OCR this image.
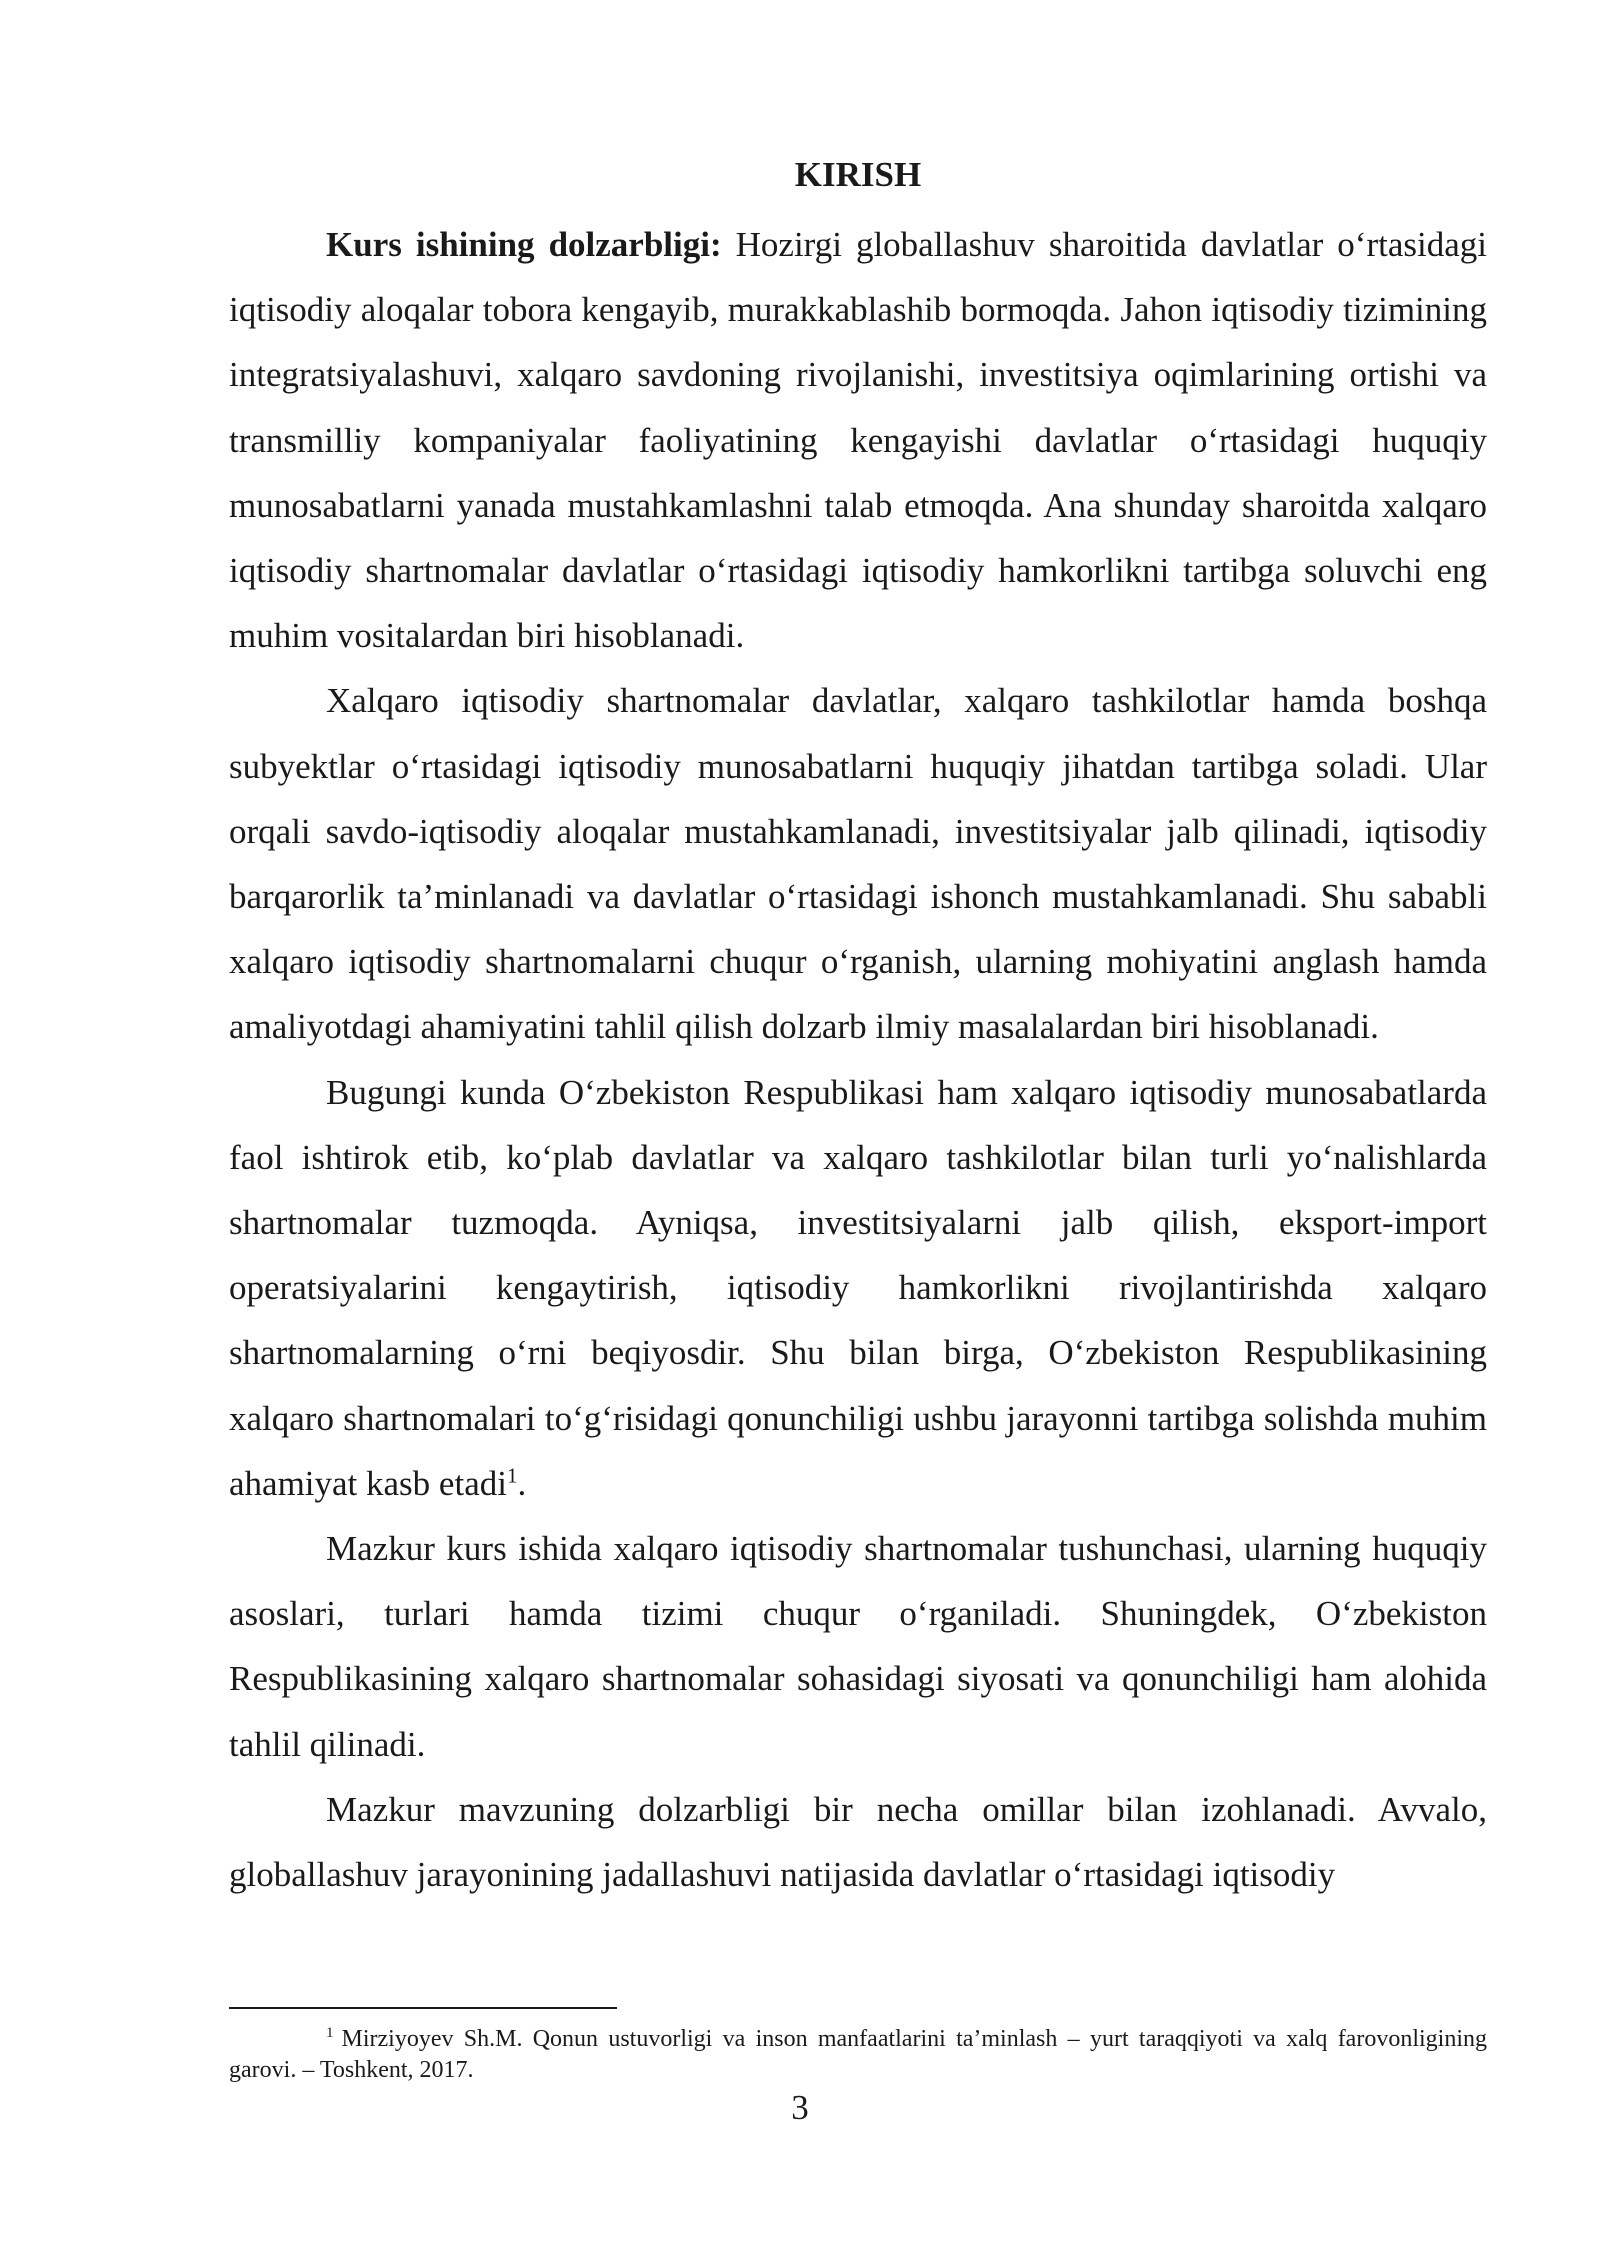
KIRISH

Kurs ishining dolzarbligi: Hozirgi globallashuv sharoitida davlatlar oʻrtasidagi iqtisodiy aloqalar tobora kengayib, murakkablashib bormoqda. Jahon iqtisodiy tizimining integratsiyalashuvi, xalqaro savdoning rivojlanishi, investitsiya oqimlarining ortishi va transmilliy kompaniyalar faoliyatining kengayishi davlatlar oʻrtasidagi huquqiy munosabatlarni yanada mustahkamlashni talab etmoqda. Ana shunday sharoitda xalqaro iqtisodiy shartnomalar davlatlar oʻrtasidagi iqtisodiy hamkorlikni tartibga soluvchi eng muhim vositalardan biri hisoblanadi.

Xalqaro iqtisodiy shartnomalar davlatlar, xalqaro tashkilotlar hamda boshqa subyektlar oʻrtasidagi iqtisodiy munosabatlarni huquqiy jihatdan tartibga soladi. Ular orqali savdo-iqtisodiy aloqalar mustahkamlanadi, investitsiyalar jalb qilinadi, iqtisodiy barqarorlik ta’minlanadi va davlatlar oʻrtasidagi ishonch mustahkamlanadi. Shu sababli xalqaro iqtisodiy shartnomalarni chuqur oʻrganish, ularning mohiyatini anglash hamda amaliyotdagi ahamiyatini tahlil qilish dolzarb ilmiy masalalardan biri hisoblanadi.

Bugungi kunda Oʻzbekiston Respublikasi ham xalqaro iqtisodiy munosabatlarda faol ishtirok etib, koʻplab davlatlar va xalqaro tashkilotlar bilan turli yoʻnalishlarda shartnomalar tuzmoqda. Ayniqsa, investitsiyalarni jalb qilish, eksport-import operatsiyalarini kengaytirish, iqtisodiy hamkorlikni rivojlantirishda xalqaro shartnomalarning oʻrni beqiyosdir. Shu bilan birga, Oʻzbekiston Respublikasining xalqaro shartnomalari toʻgʻrisidagi qonunchiligi ushbu jarayonni tartibga solishda muhim ahamiyat kasb etadi$^1$.

Mazkur kurs ishida xalqaro iqtisodiy shartnomalar tushunchasi, ularning huquqiy asoslari, turlari hamda tizimi chuqur oʻrganiladi. Shuningdek, Oʻzbekiston Respublikasining xalqaro shartnomalar sohasidagi siyosati va qonunchiligi ham alohida tahlil qilinadi.

Mazkur mavzuning dolzarbligi bir necha omillar bilan izohlanadi. Avvalo, globallashuv jarayonining jadallashuvi natijasida davlatlar oʻrtasidagi iqtisodiy

$^1$ Mirziyoyev Sh.M. Qonun ustuvorligi va inson manfaatlarini ta’minlash – yurt taraqqiyoti va xalq farovonligining garovi. – Toshkent, 2017.

3
